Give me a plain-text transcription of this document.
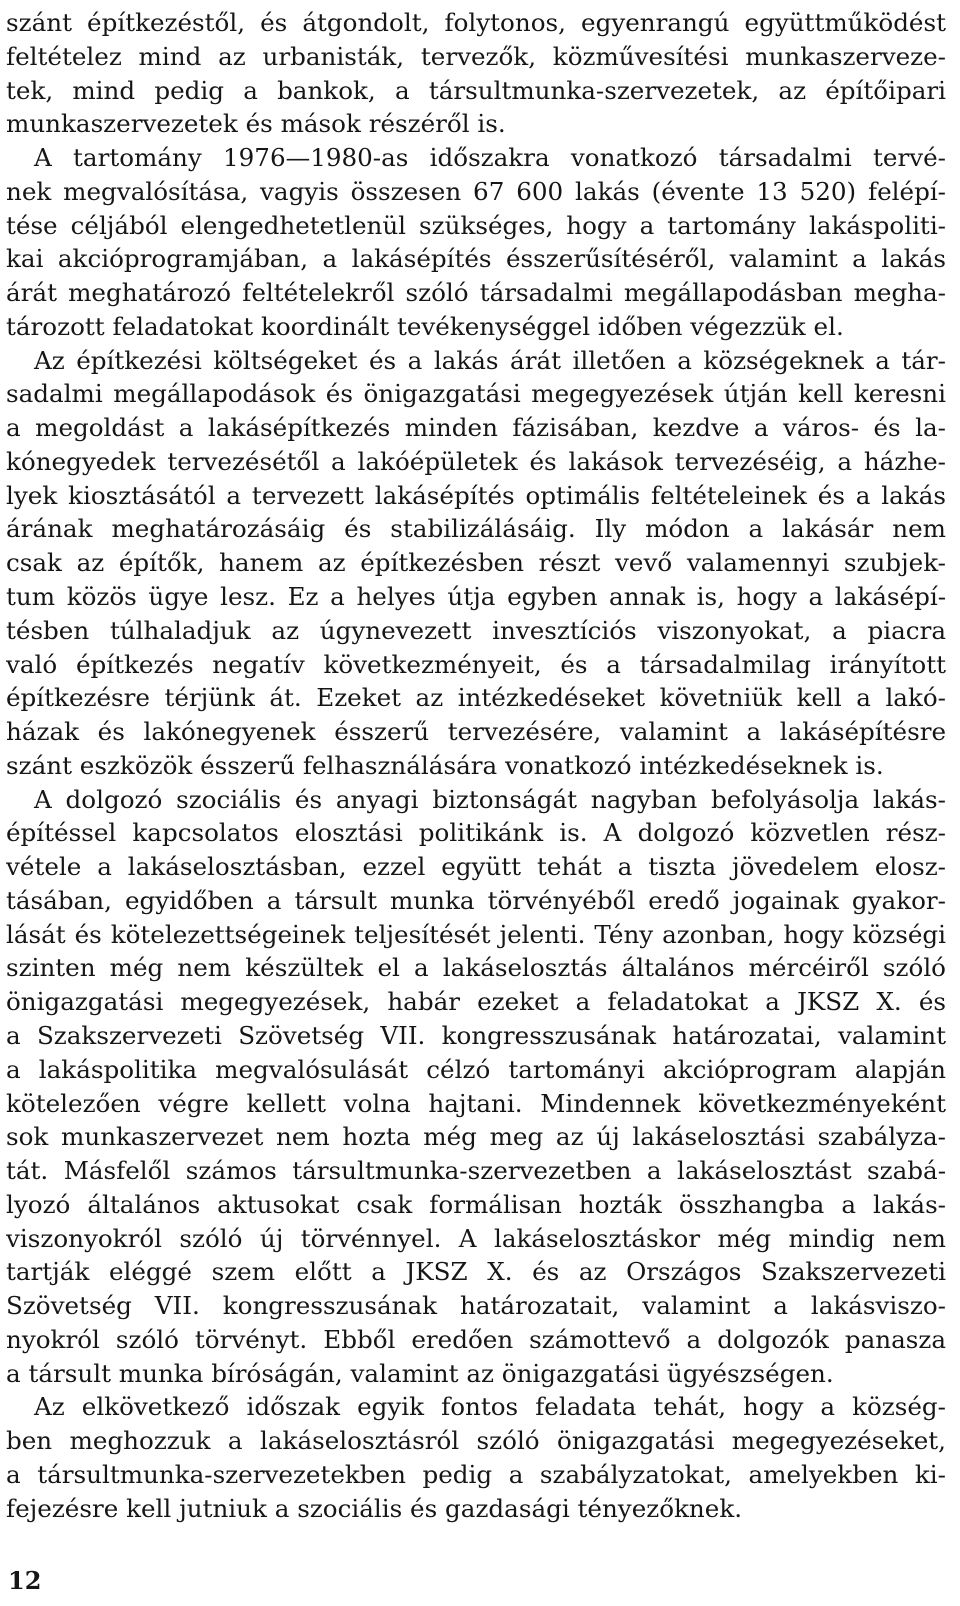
szánt építkezéstől, és átgondolt, folytonos, egyenrangú együttműködést
feltételez mind az urbanisták, tervezők, közművesítési munkaszerveze-
tek, mind pedig a bankok, a társultmunka-szervezetek, az építőipari
munkaszervezetek és mások részéről is.
A tartomány 1976—1980-as időszakra vonatkozó társadalmi tervé-
nek megvalósítása, vagyis összesen 67 600 lakás (évente 13 520) felépí-
tése céljából elengedhetetlenül szükséges, hogy a tartomány lakáspoliti-
kai akcióprogramjában, a lakásépítés ésszerűsítéséről, valamint a lakás
árát meghatározó feltételekről szóló társadalmi megállapodásban megha-
tározott feladatokat koordinált tevékenységgel időben végezzük el.
Az építkezési költségeket és a lakás árát illetően a községeknek a tár-
sadalmi megállapodások és önigazgatási megegyezések útján kell keresni
a megoldást a lakásépítkezés minden fázisában, kezdve a város- és la-
kónegyedek tervezésétől a lakóépületek és lakások tervezéséig, a házhe-
lyek kiosztásától a tervezett lakásépítés optimális feltételeinek és a lakás
árának meghatározásáig és stabilizálásáig. Ily módon a lakásár nem
csak az építők, hanem az építkezésben részt vevő valamennyi szubjek-
tum közös ügye lesz. Ez a helyes útja egyben annak is, hogy a lakásépí-
tésben túlhaladjuk az úgynevezett invesztíciós viszonyokat, a piacra
való építkezés negatív következményeit, és a társadalmilag irányított
építkezésre térjünk át. Ezeket az intézkedéseket követniük kell a lakó-
házak és lakónegyenek ésszerű tervezésére, valamint a lakásépítésre
szánt eszközök ésszerű felhasználására vonatkozó intézkedéseknek is.
A dolgozó szociális és anyagi biztonságát nagyban befolyásolja lakás-
építéssel kapcsolatos elosztási politikánk is. A dolgozó közvetlen rész-
vétele a lakáselosztásban, ezzel együtt tehát a tiszta jövedelem elosz-
tásában, egyidőben a társult munka törvényéből eredő jogainak gyakor-
lását és kötelezettségeinek teljesítését jelenti. Tény azonban, hogy községi
szinten még nem készültek el a lakáselosztás általános mércéiről szóló
önigazgatási megegyezések, habár ezeket a feladatokat a JKSZ X. és
a Szakszervezeti Szövetség VII. kongresszusának határozatai, valamint
a lakáspolitika megvalósulását célzó tartományi akcióprogram alapján
kötelezően végre kellett volna hajtani. Mindennek következményeként
sok munkaszervezet nem hozta még meg az új lakáselosztási szabályza-
tát. Másfelől számos társultmunka-szervezetben a lakáselosztást szabá-
lyozó általános aktusokat csak formálisan hozták összhangba a lakás-
viszonyokról szóló új törvénnyel. A lakáselosztáskor még mindig nem
tartják eléggé szem előtt a JKSZ X. és az Országos Szakszervezeti
Szövetség VII. kongresszusának határozatait, valamint a lakásviszo-
nyokról szóló törvényt. Ebből eredően számottevő a dolgozók panasza
a társult munka bíróságán, valamint az önigazgatási ügyészségen.
Az elkövetkező időszak egyik fontos feladata tehát, hogy a község-
ben meghozzuk a lakáselosztásról szóló önigazgatási megegyezéseket,
a társultmunka-szervezetekben pedig a szabályzatokat, amelyekben ki-
fejezésre kell jutniuk a szociális és gazdasági tényezőknek.
12
